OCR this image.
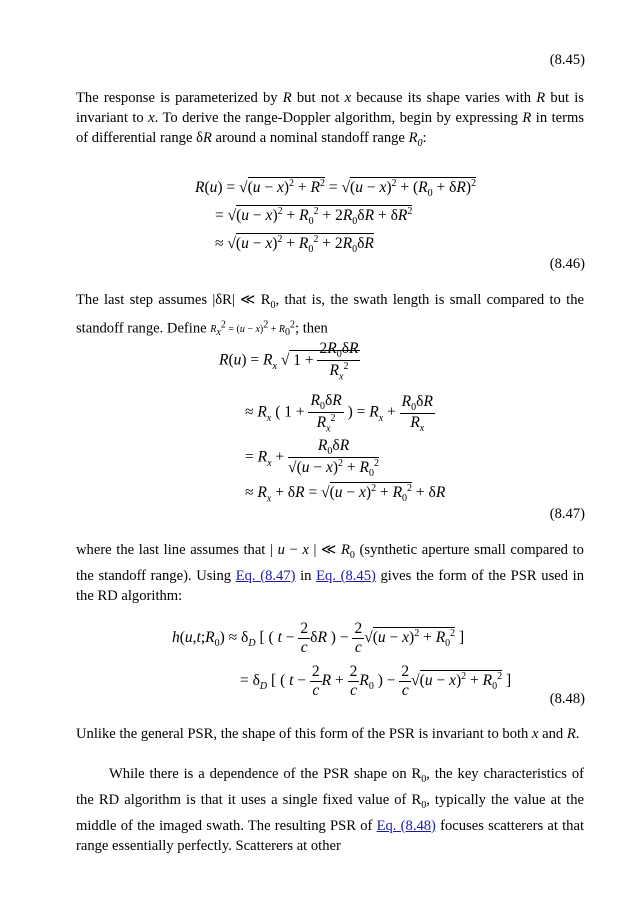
(8.45)
The response is parameterized by R but not x because its shape varies with R but is invariant to x. To derive the range-Doppler algorithm, begin by expressing R in terms of differential range δR around a nominal standoff range $R_0$:
$R(u) = √(u - x)^2 + R^2 = √(u - x)^2 + (R_0 + \delta R)^2$
= $√(u - x)^2 + R_0^2 + 2R_0\delta R + \delta R^2$
≈ $√(u - x)^2 + R_0^2 + 2R_0\delta R$
(8.46)
The last step assumes |δR| ≪ $R_0$, that is, the swath length is small compared to the standoff range. Define $R_x^2 = (u - x)^2 + R_0^2$; then
$R(u) = R_x$ √ $1 + \frac{2R_0\delta R}{R_x^2}$
≈ $R_x$ ( $1 + \frac{R_0\delta R}{R_x^2}$ ) = $R_x + \frac{R_0\delta R}{R_x}$
= $R_x + \frac{R_0\delta R}{√(u - x)^2 + R_0^2}$
≈ $R_x + \delta R = √(u - x)^2 + R_0^2 + \delta R$
(8.47)
where the last line assumes that | u − x | ≪ $R_0$ (synthetic aperture small compared to the standoff range). Using Eq. (8.47) in Eq. (8.45) gives the form of the PSR used in the RD algorithm:
$h(u,t;R_0) \approx \delta_D$ [ ( $t - \frac{2}{c}$ δR ) − $\frac{2}{c} √(u - x)^2 + R_0^2$ ]
= $\delta_D$ [ ( $t - \frac{2}{c}$ $R + \frac{2}{c} R_0$ ) − $\frac{2}{c} √(u - x)^2 + R_0^2$ ]
(8.48)
Unlike the general PSR, the shape of this form of the PSR is invariant to both x and R.
While there is a dependence of the PSR shape on $R_0$, the key characteristics of the RD algorithm is that it uses a single fixed value of $R_0$, typically the value at the middle of the imaged swath. The resulting PSR of Eq. (8.48) focuses scatterers at that range essentially perfectly. Scatterers at other
